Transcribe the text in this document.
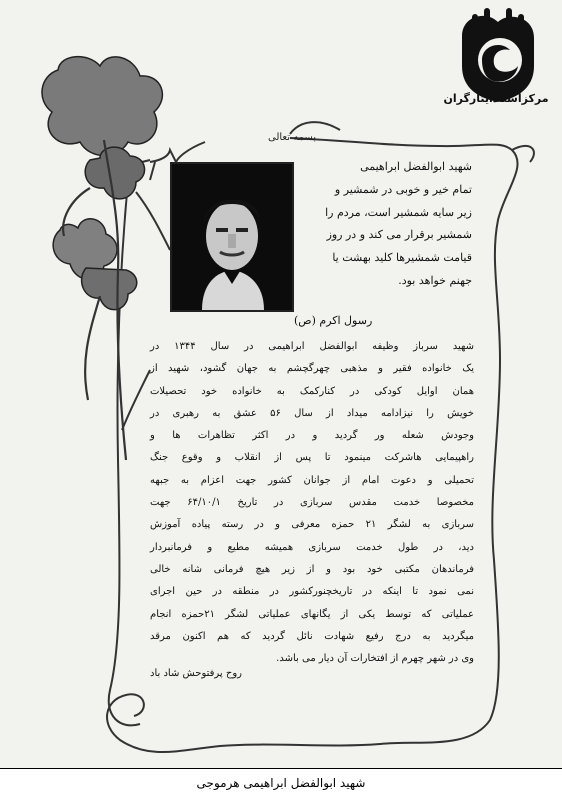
مرکزاسنادایثارگران
بسمه تعالی
شهید ابوالفضل ابراهیمی
تمام خیر و خوبی در شمشیر و
زیر سایه شمشیر است، مردم را
شمشیر برقرار می کند و در روز
قیامت شمشیرها کلید بهشت یا
جهنم خواهد بود.
رسول اکرم (ص)
شهید سرباز وظیفه ابوالفضل ابراهیمی در سال ۱۳۴۴ در
یک خانواده فقیر و مذهبی چهرگچشم به جهان گشود، شهید از
همان اوایل کودکی در کنارکمک به خانواده خود تحصیلات
خویش را نیزادامه میداد از سال ۵۶ عشق به رهبری در
وجودش شعله ور گردید و در اکثر تظاهرات ها و
راهپیمایی هاشرکت مینمود تا پس از انقلاب و وقوع جنگ
تحمیلی و دعوت امام از جوانان کشور جهت اعزام به جبهه
مخصوصا خدمت مقدس سربازی در تاریخ ۶۴/۱۰/۱ جهت
سربازی به لشگر ۲۱ حمزه معرفی و در رسته پیاده آموزش
دید، در طول خدمت سربازی همیشه مطیع و فرمانبردار
فرماندهان مکتبی خود بود و از زیر هیچ فرمانی شانه خالی
نمی نمود تا اینکه در تاریخچنورکشور در منطقه در حین اجرای
عملیاتی که توسط یکی از یگانهای عملیاتی لشگر ۲۱حمزه انجام
میگردید به درج رفیع شهادت نائل گردید که هم اکنون مرقد
وی در شهر چهرم از افتخارات آن دیار می باشد.
روح پرفتوحش شاد باد
شهید ابوالفضل ابراهیمی هرموجی
